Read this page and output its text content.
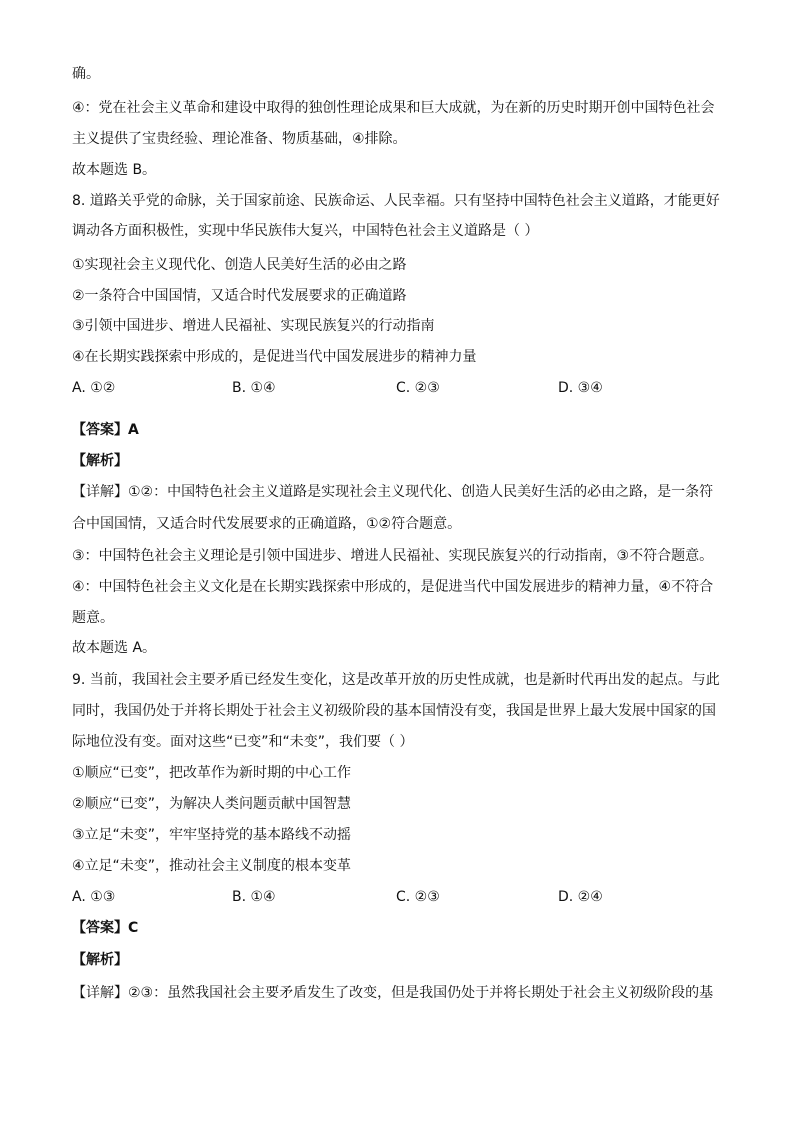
确。
④：党在社会主义革命和建设中取得的独创性理论成果和巨大成就，为在新的历史时期开创中国特色社会
主义提供了宝贵经验、理论准备、物质基础，④排除。
故本题选 B。
8. 道路关乎党的命脉，关于国家前途、民族命运、人民幸福。只有坚持中国特色社会主义道路，才能更好
调动各方面积极性，实现中华民族伟大复兴，中国特色社会主义道路是（ ）
①实现社会主义现代化、创造人民美好生活的必由之路
②一条符合中国国情，又适合时代发展要求的正确道路
③引领中国进步、增进人民福祉、实现民族复兴的行动指南
④在长期实践探索中形成的，是促进当代中国发展进步的精神力量
A. ①②	B. ①④	C. ②③	D. ③④
【答案】A
【解析】
【详解】①②：中国特色社会主义道路是实现社会主义现代化、创造人民美好生活的必由之路，是一条符
合中国国情，又适合时代发展要求的正确道路，①②符合题意。
③：中国特色社会主义理论是引领中国进步、增进人民福祉、实现民族复兴的行动指南，③不符合题意。
④：中国特色社会主义文化是在长期实践探索中形成的，是促进当代中国发展进步的精神力量，④不符合
题意。
故本题选 A。
9. 当前，我国社会主要矛盾已经发生变化，这是改革开放的历史性成就，也是新时代再出发的起点。与此
同时，我国仍处于并将长期处于社会主义初级阶段的基本国情没有变，我国是世界上最大发展中国家的国
际地位没有变。面对这些“已变”和“未变”，我们要（ ）
①顺应“已变”，把改革作为新时期的中心工作
②顺应“已变”，为解决人类问题贡献中国智慧
③立足“未变”，牢牢坚持党的基本路线不动摇
④立足“未变”，推动社会主义制度的根本变革
A. ①③	B. ①④	C. ②③	D. ②④
【答案】C
【解析】
【详解】②③：虽然我国社会主要矛盾发生了改变，但是我国仍处于并将长期处于社会主义初级阶段的基
